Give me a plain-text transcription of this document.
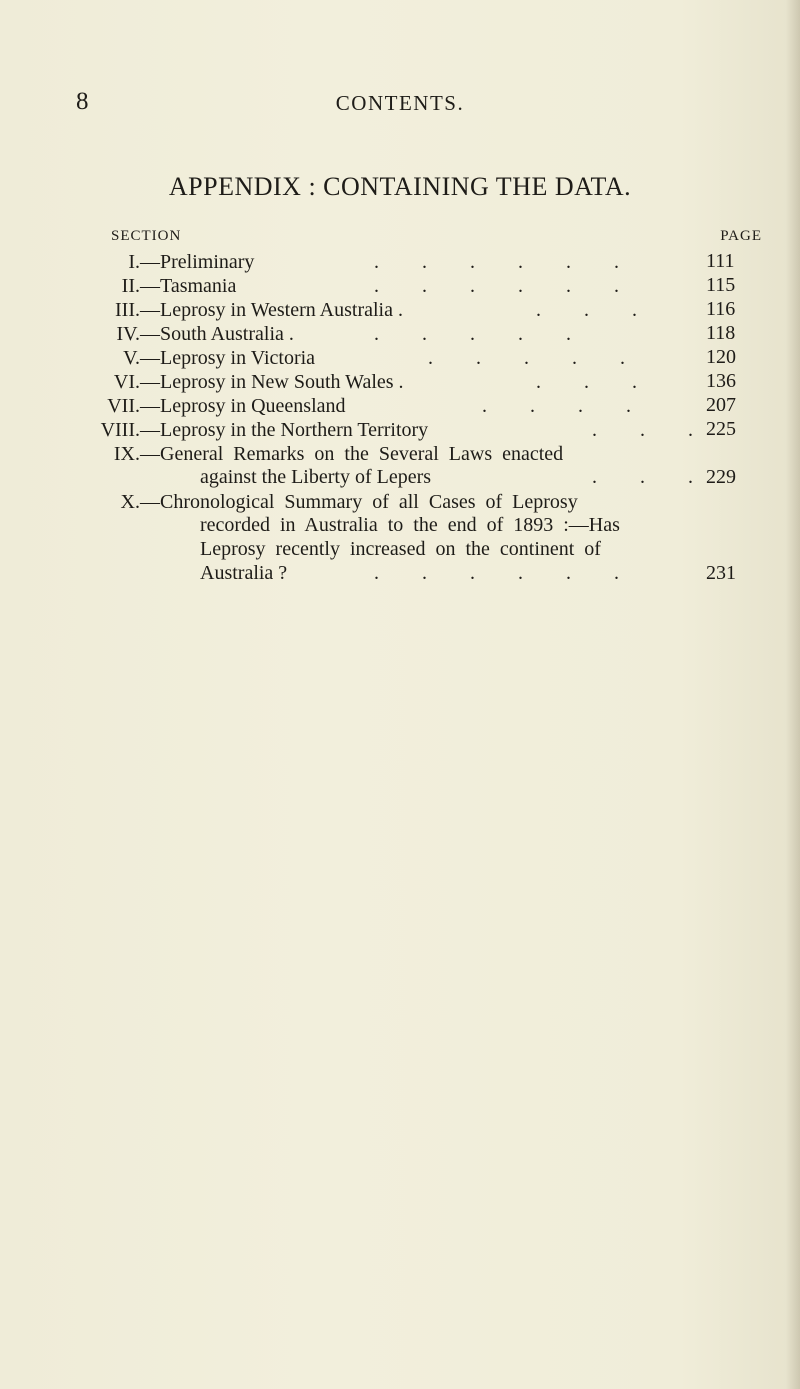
8	CONTENTS.
APPENDIX : CONTAINING THE DATA.
SECTION	PAGE
I. —Preliminary	. . . . . .	111
II. —Tasmania	. . . . . .	115
III. —Leprosy in Western Australia .	. . .	116
IV. —South Australia .	. . . . .	118
V. —Leprosy in Victoria	. . . . .	120
VI. —Leprosy in New South Wales .	. . .	136
VII. —Leprosy in Queensland	. . . .	207
VIII. —Leprosy in the Northern Territory	. . . 225
IX. —General Remarks on the Several Laws enacted
against the Liberty of Lepers	. . . 229
X. —Chronological Summary of all Cases of Leprosy
recorded in Australia to the end of 1893 :—Has
Leprosy recently increased on the continent of
Australia ?	. . . . . .	231
